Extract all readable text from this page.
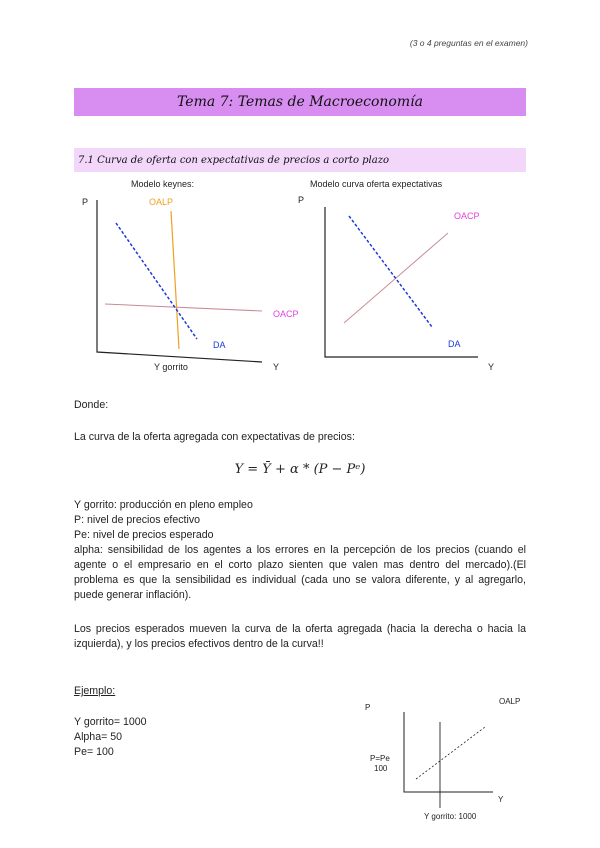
(3 o 4 preguntas en el examen)
Tema 7: Temas de Macroeconomía
7.1 Curva de oferta con expectativas de precios a corto plazo
Modelo keynes:
P	OALP
OACP
DA
Y gorrito	Y
Modelo curva oferta expectativas
P
OACP
DA
Y
Donde:
La curva de la oferta agregada con expectativas de precios:
Y = Ȳ + α * (P − Pᵉ)
Y gorrito: producción en pleno empleo
P: nivel de precios efectivo
Pe: nivel de precios esperado
alpha: sensibilidad de los agentes a los errores en la percepción de los precios (cuando el agente o el empresario en el corto plazo sienten que valen mas dentro del mercado).(El problema es que la sensibilidad es individual (cada uno se valora diferente, y al agregarlo, puede generar inflación).
Los precios esperados mueven la curva de la oferta agregada (hacia la derecha o hacia la izquierda), y los precios efectivos dentro de la curva!!
Ejemplo:
Y gorrito= 1000
Alpha= 50
Pe= 100
P
OALP
P=Pe
100
Y
Y gorrito: 1000
